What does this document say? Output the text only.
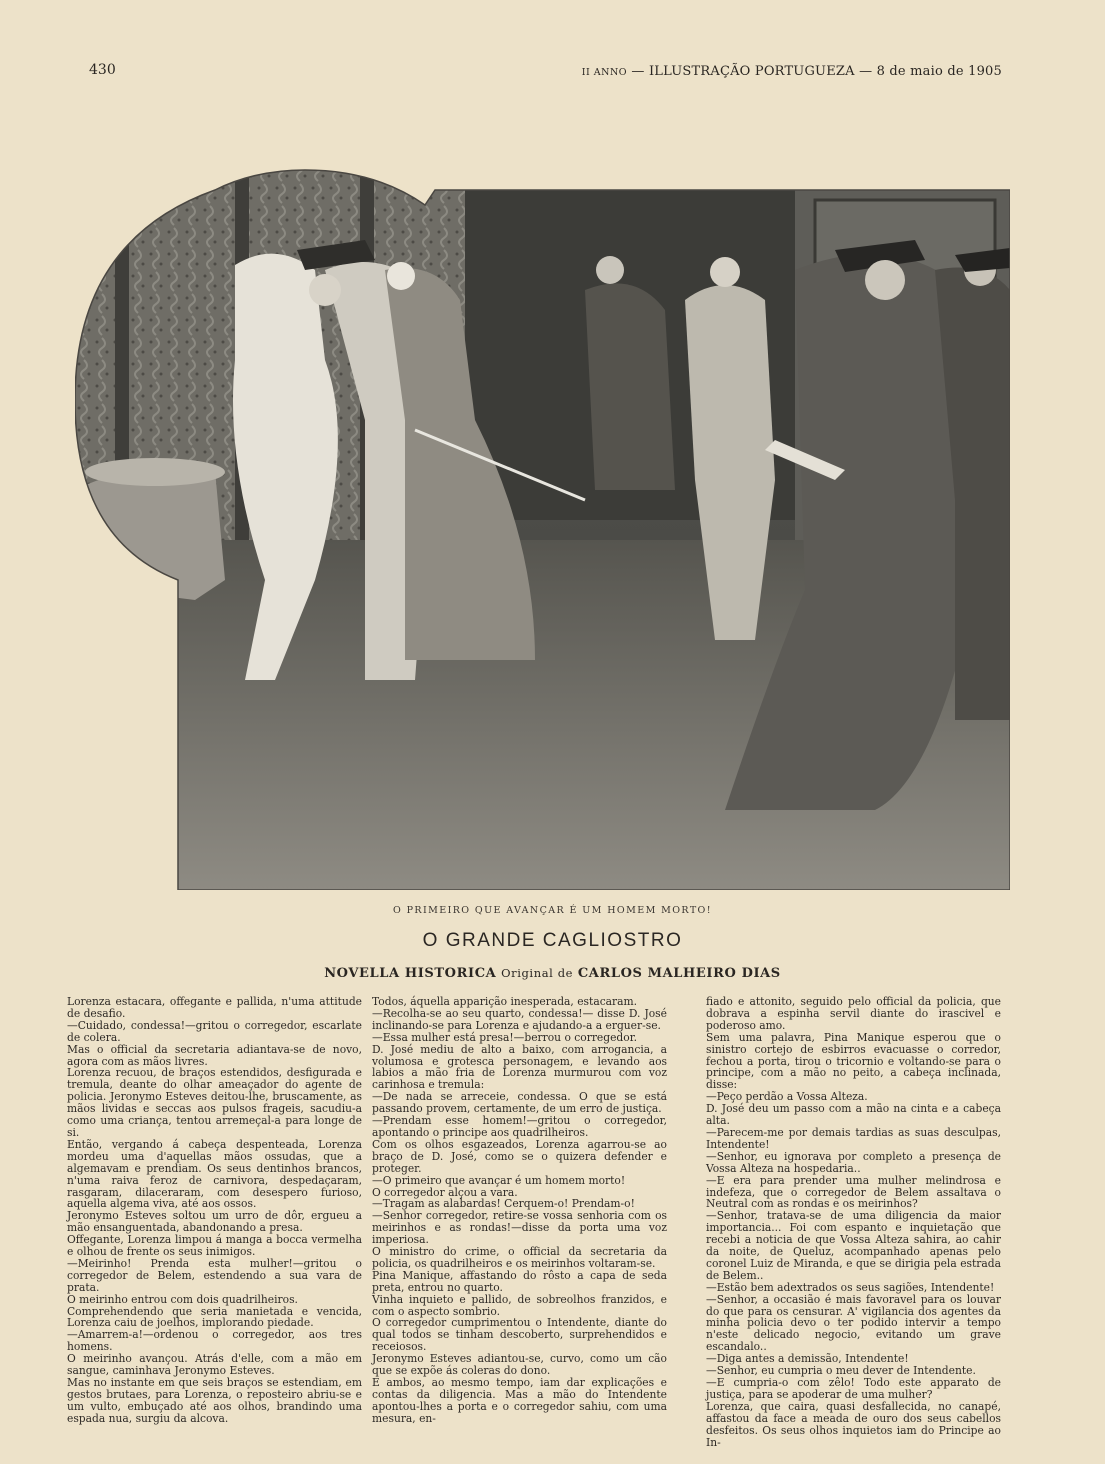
430	II ANNO — ILLUSTRAÇÃO PORTUGUEZA — 8 de maio de 1905
O PRIMEIRO QUE AVANÇAR É UM HOMEM MORTO!
O GRANDE CAGLIOSTRO
NOVELLA HISTORICA Original de CARLOS MALHEIRO DIAS

Lorenza estacara, offegante e pallida, n'uma attitude de desafio.

—Cuidado, condessa!—gritou o corregedor, escarlate de colera.

Mas o official da secretaria adiantava-se de novo, agora com as mãos livres.

Lorenza recuou, de braços estendidos, desfigurada e tremula, deante do olhar ameaçador do agente de policia. Jeronymo Esteves deitou-lhe, bruscamente, as mãos lividas e seccas aos pulsos frageis, sacudiu-a como uma criança, tentou arremeçal-a para longe de si.

Então, vergando á cabeça despenteada, Lorenza mordeu uma d'aquellas mãos ossudas, que a algemavam e prendiam. Os seus dentinhos brancos, n'uma raiva feroz de carnivora, despedaçaram, rasgaram, dilaceraram, com desespero furioso, aquella algema viva, até aos ossos.

Jeronymo Esteves soltou um urro de dôr, ergueu a mão ensanguentada, abandonando a presa.

Offegante, Lorenza limpou á manga a bocca vermelha e olhou de frente os seus inimigos.

—Meirinho! Prenda esta mulher!—gritou o corregedor de Belem, estendendo a sua vara de prata.

O meirinho entrou com dois quadrilheiros.

Comprehendendo que seria manietada e vencida, Lorenza caiu de joelhos, implorando piedade.

—Amarrem-a!—ordenou o corregedor, aos tres homens.

O meirinho avançou. Atrás d'elle, com a mão em sangue, caminhava Jeronymo Esteves.

Mas no instante em que seis braços se estendiam, em gestos brutaes, para Lorenza, o reposteiro abriu-se e um vulto, embuçado até aos olhos, brandindo uma espada nua, surgiu da alcova.

Todos, áquella apparição inesperada, estacaram.

—Recolha-se ao seu quarto, condessa!— disse D. José inclinando-se para Lorenza e ajudando-a a erguer-se.

—Essa mulher está presa!—berrou o corregedor.

D. José mediu de alto a baixo, com arrogancia, a volumosa e grotesca personagem, e levando aos labios a mão fria de Lorenza murmurou com voz carinhosa e tremula:

—De nada se arreceie, condessa. O que se está passando provem, certamente, de um erro de justiça.

—Prendam esse homem!—gritou o corregedor, apontando o principe aos quadrilheiros.

Com os olhos esgazeados, Lorenza agarrou-se ao braço de D. José, como se o quizera defender e proteger.

—O primeiro que avançar é um homem morto!

O corregedor alçou a vara.

—Tragam as alabardas! Cerquem-o! Prendam-o!

—Senhor corregedor, retire-se vossa senhoria com os meirinhos e as rondas!—disse da porta uma voz imperiosa.

O ministro do crime, o official da secretaria da policia, os quadrilheiros e os meirinhos voltaram-se.

Pina Manique, affastando do rôsto a capa de seda preta, entrou no quarto.

Vinha inquieto e pallido, de sobreolhos franzidos, e com o aspecto sombrio.

O corregedor cumprimentou o Intendente, diante do qual todos se tinham descoberto, surprehendidos e receiosos.

Jeronymo Esteves adiantou-se, curvo, como um cão que se expõe ás coleras do dono.

E ambos, ao mesmo tempo, iam dar explicações e contas da diligencia. Mas a mão do Intendente apontou-lhes a porta e o corregedor sahiu, com uma mesura, en-

fiado e attonito, seguido pelo official da policia, que dobrava a espinha servil diante do irascivel e poderoso amo.

Sem uma palavra, Pina Manique esperou que o sinistro cortejo de esbirros evacuasse o corredor, fechou a porta, tirou o tricornio e voltando-se para o principe, com a mão no peito, a cabeça inclinada, disse:

—Peço perdão a Vossa Alteza.

D. José deu um passo com a mão na cinta e a cabeça alta.

—Parecem-me por demais tardias as suas desculpas, Intendente!

—Senhor, eu ignorava por completo a presença de Vossa Alteza na hospedaria..

—E era para prender uma mulher melindrosa e indefeza, que o corregedor de Belem assaltava o Neutral com as rondas e os meirinhos?

—Senhor, tratava-se de uma diligencia da maior importancia... Foi com espanto e inquietação que recebi a noticia de que Vossa Alteza sahira, ao cahir da noite, de Queluz, acompanhado apenas pelo coronel Luiz de Miranda, e que se dirigia pela estrada de Belem..

—Estão bem adextrados os seus sagiões, Intendente!

—Senhor, a occasião é mais favoravel para os louvar do que para os censurar. A' vigilancia dos agentes da minha policia devo o ter podido intervir a tempo n'este delicado negocio, evitando um grave escandalo..

—Diga antes a demissão, Intendente!

—Senhor, eu cumpria o meu dever de Intendente.

—E cumpria-o com zêlo! Todo este apparato de justiça, para se apoderar de uma mulher?

Lorenza, que caira, quasi desfallecida, no canapé, affastou da face a meada de ouro dos seus cabellos desfeitos. Os seus olhos inquietos iam do Principe ao In-
